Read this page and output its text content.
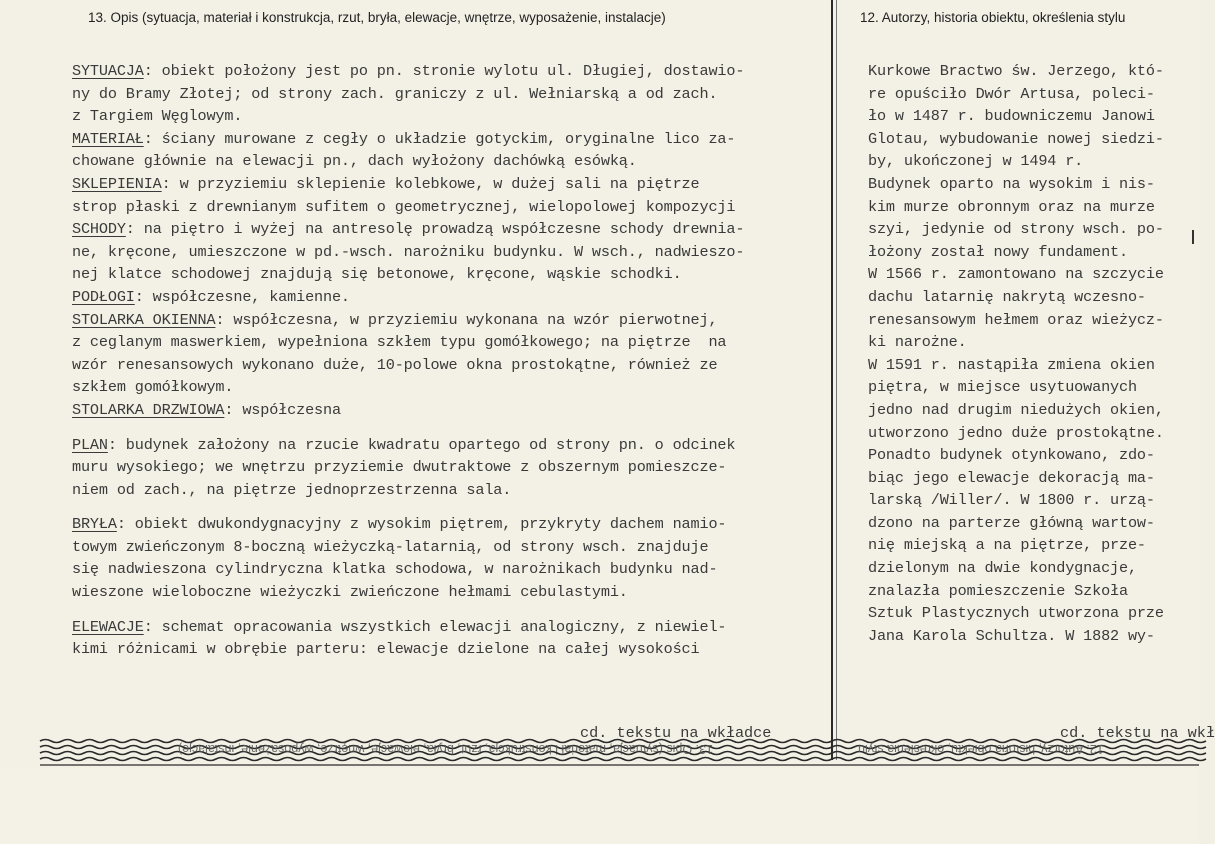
13. Opis (sytuacja, materiał i konstrukcja, rzut, bryła, elewacje, wnętrze, wyposażenie, instalacje)	12. Autorzy, historia obiektu, określenia stylu
SYTUACJA: obiekt położony jest po pn. stronie wylotu ul. Długiej, dostawio-
ny do Bramy Złotej; od strony zach. graniczy z ul. Wełniarską a od zach.
z Targiem Węglowym.
MATERIAŁ: ściany murowane z cegły o układzie gotyckim, oryginalne lico za-
chowane głównie na elewacji pn., dach wyłożony dachówką esówką.
SKLEPIENIA: w przyziemiu sklepienie kolebkowe, w dużej sali na piętrze
strop płaski z drewnianym sufitem o geometrycznej, wielopolowej kompozycji
SCHODY: na piętro i wyżej na antresolę prowadzą współczesne schody drewnia-
ne, kręcone, umieszczone w pd.-wsch. narożniku budynku. W wsch., nadwieszo-
nej klatce schodowej znajdują się betonowe, kręcone, wąskie schodki.
PODŁOGI: współczesne, kamienne.
STOLARKA OKIENNA: współczesna, w przyziemiu wykonana na wzór pierwotnej,
z ceglanym maswerkiem, wypełniona szkłem typu gomółkowego; na piętrze  na
wzór renesansowych wykonano duże, 10-polowe okna prostokątne, również ze
szkłem gomółkowym.
STOLARKA DRZWIOWA: współczesna
PLAN: budynek założony na rzucie kwadratu opartego od strony pn. o odcinek
muru wysokiego; we wnętrzu przyziemie dwutraktowe z obszernym pomieszcze-
niem od zach., na piętrze jednoprzestrzenna sala.
BRYŁA: obiekt dwukondygnacyjny z wysokim piętrem, przykryty dachem namio-
towym zwieńczonym 8-boczną wieżyczką-latarnią, od strony wsch. znajduje
się nadwieszona cylindryczna klatka schodowa, w narożnikach budynku nad-
wieszone wieloboczne wieżyczki zwieńczone hełmami cebulastymi.
ELEWACJE: schemat opracowania wszystkich elewacji analogiczny, z niewiel-
kimi różnicami w obrębie parteru: elewacje dzielone na całej wysokości
Kurkowe Bractwo św. Jerzego, któ-
re opuściło Dwór Artusa, poleci-
ło w 1487 r. budowniczemu Janowi
Glotau, wybudowanie nowej siedzi-
by, ukończonej w 1494 r.
Budynek oparto na wysokim i nis-
kim murze obronnym oraz na murze
szyi, jedynie od strony wsch. po-
łożony został nowy fundament.
W 1566 r. zamontowano na szczycie
dachu latarnię nakrytą wczesno-
renesansowym hełmem oraz wieżycz-
ki narożne.
W 1591 r. nastąpiła zmiena okien
piętra, w miejsce usytuowanych
jedno nad drugim niedużych okien,
utworzono jedno duże prostokątne.
Ponadto budynek otynkowano, zdo-
biąc jego elewacje dekoracją ma-
larską /Willer/. W 1800 r. urzą-
dzono na parterze główną wartow-
nię miejską a na piętrze, prze-
dzielonym na dwie kondygnacje,
znalazła pomieszczenie Szkoła
Sztuk Plastycznych utworzona prze
Jana Karola Schultza. W 1882 wy-
cd. tekstu na wkładce	cd. tekstu na wkł
13. Opis (sytuacja, materiał i konstrukcja, rzut, bryła, elewacje, wnętrze, wyposażenie, instalacje)	12. Autorzy, historia obiektu, określenia stylu
